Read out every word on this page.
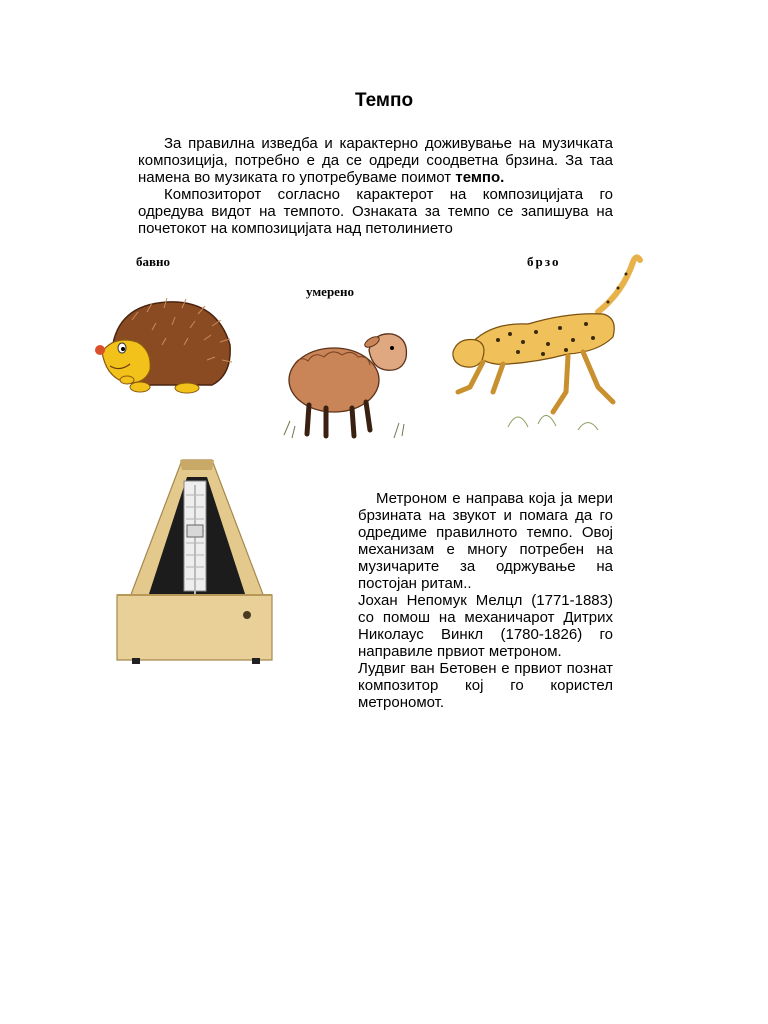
Темпо

За правилна изведба и карактерно доживување на музичката композиција, потребно е да се одреди соодветна брзина. За таа намена во музиката го употребуваме поимот темпо.

Композиторот согласно карактерот на композицијата го одредува видот на темпото. Ознаката за темпо се запишува на почетокот на композицијата над петолинието

бавно
умерено
брзо

Метроном е направа која ја мери брзината на звукот и помага да го одредиме правилното темпо. Овој механизам е многу потребен на музичарите за одржување на постојан ритам..

Јохан Непомук Мелцл (1771-1883) со помош на механичарот Дитрих Николаус Винкл (1780-1826) го направиле првиот метроном.

Лудвиг ван Бетовен е првиот познат композитор кој го користел метрономот.
